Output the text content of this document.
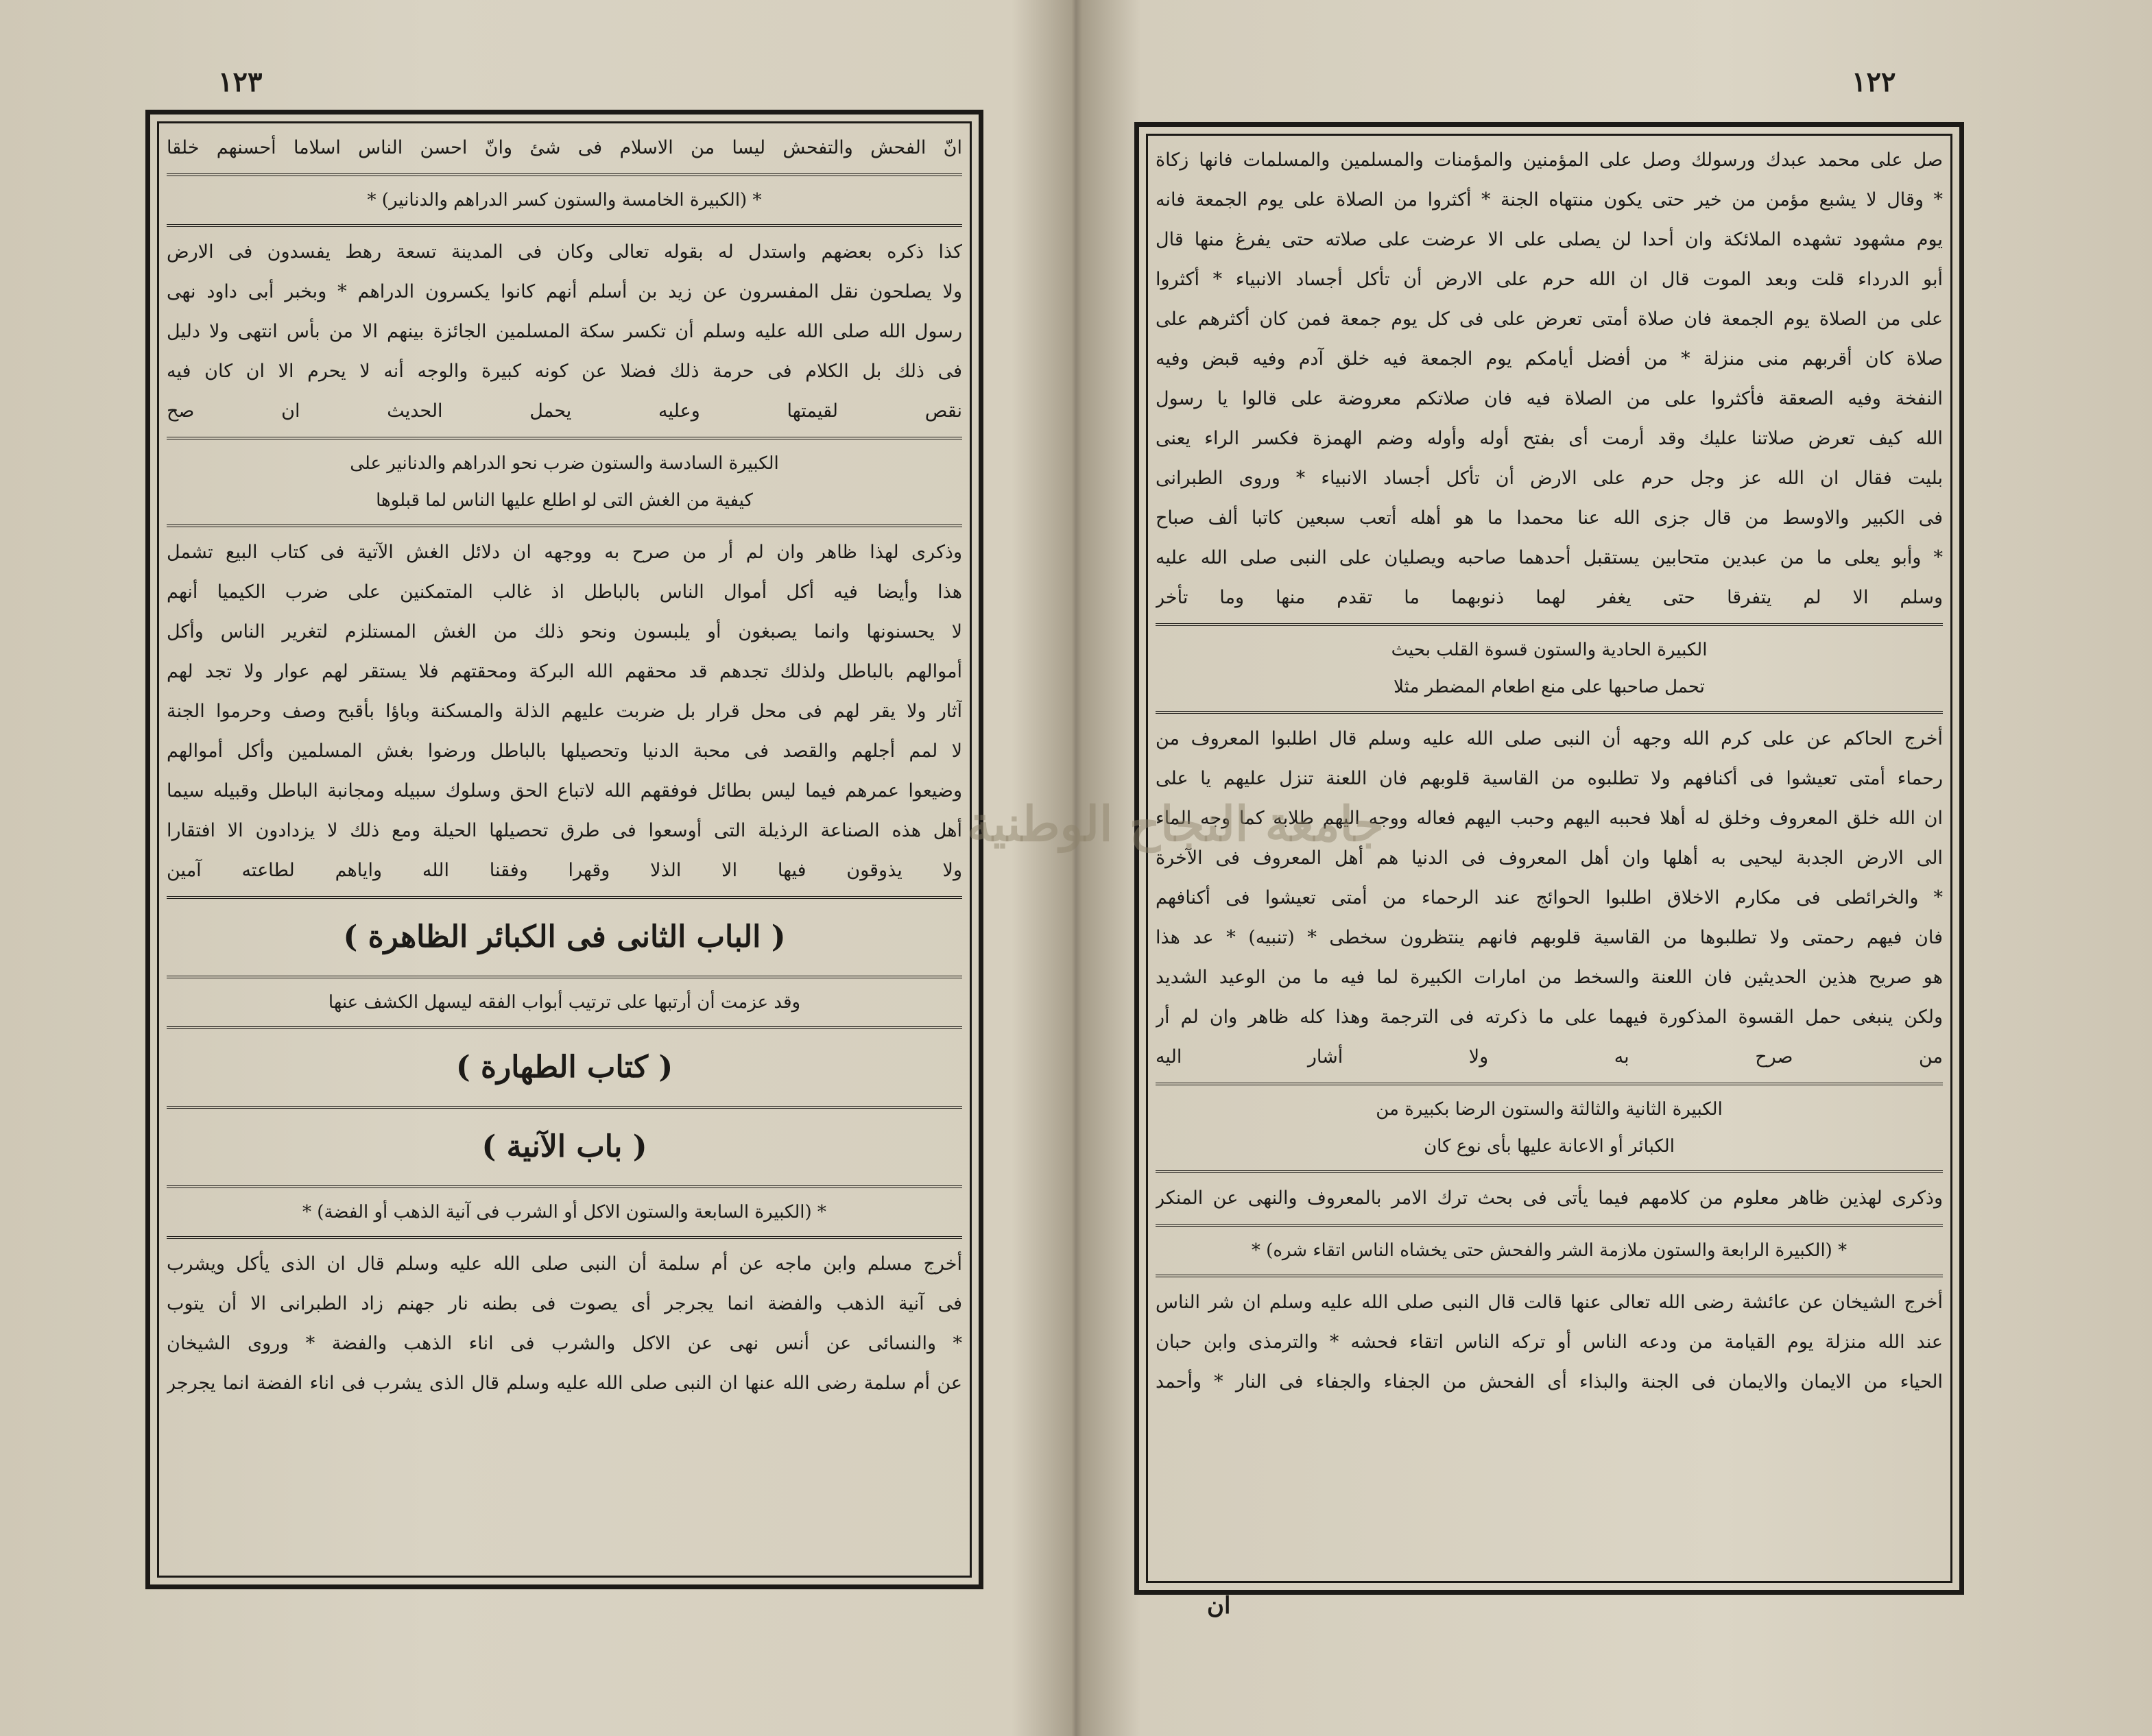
١٢٣	١٢٢
انّ الفحش والتفحش ليسا من الاسلام فى شئ وانّ احسن الناس اسلاما أحسنهم خلقا
* (الكبيرة الخامسة والستون كسر الدراهم والدنانير) *
كذا ذكره بعضهم واستدل له بقوله تعالى وكان فى المدينة تسعة رهط يفسدون فى الارض
ولا يصلحون نقل المفسرون عن زيد بن أسلم أنهم كانوا يكسرون الدراهم * وبخبر أبى داود نهى
رسول الله صلى الله عليه وسلم أن تكسر سكة المسلمين الجائزة بينهم الا من بأس انتهى ولا دليل
فى ذلك بل الكلام فى حرمة ذلك فضلا عن كونه كبيرة والوجه أنه لا يحرم الا ان كان فيه
نقص لقيمتها وعليه يحمل الحديث ان صح
الكبيرة السادسة والستون ضرب نحو الدراهم والدنانير على
كيفية من الغش التى لو اطلع عليها الناس لما قبلوها
وذكرى لهذا ظاهر وان لم أر من صرح به ووجهه ان دلائل الغش الآتية فى كتاب البيع تشمل
هذا وأيضا فيه أكل أموال الناس بالباطل اذ غالب المتمكنين على ضرب الكيميا أنهم
لا يحسنونها وانما يصبغون أو يلبسون ونحو ذلك من الغش المستلزم لتغرير الناس وأكل
أموالهم بالباطل ولذلك تجدهم قد محقهم الله البركة ومحقتهم فلا يستقر لهم عوار ولا تجد لهم
آثار ولا يقر لهم فى محل قرار بل ضربت عليهم الذلة والمسكنة وباؤا بأقبح وصف وحرموا الجنة
لا لمم أجلهم والقصد فى محبة الدنيا وتحصيلها بالباطل ورضوا بغش المسلمين وأكل أموالهم
وضيعوا عمرهم فيما ليس بطائل فوفقهم الله لاتباع الحق وسلوك سبيله ومجانبة الباطل وقبيله سيما
أهل هذه الصناعة الرذيلة التى أوسعوا فى طرق تحصيلها الحيلة ومع ذلك لا يزدادون الا افتقارا
ولا يذوقون فيها الا الذلا وقهرا وفقنا الله واياهم لطاعته آمين
( الباب الثانى فى الكبائر الظاهرة )
وقد عزمت أن أرتبها على ترتيب أبواب الفقه ليسهل الكشف عنها
( كتاب الطهارة )
( باب الآنية )
* (الكبيرة السابعة والستون الاكل أو الشرب فى آنية الذهب أو الفضة) *
أخرج مسلم وابن ماجه عن أم سلمة أن النبى صلى الله عليه وسلم قال ان الذى يأكل ويشرب
فى آنية الذهب والفضة انما يجرجر أى يصوت فى بطنه نار جهنم زاد الطبرانى الا أن يتوب
* والنسائى عن أنس نهى عن الاكل والشرب فى اناء الذهب والفضة * وروى الشيخان
عن أم سلمة رضى الله عنها ان النبى صلى الله عليه وسلم قال الذى يشرب فى اناء الفضة انما يجرجر
صل على محمد عبدك ورسولك وصل على المؤمنين والمؤمنات والمسلمين والمسلمات فانها زكاة
* وقال لا يشبع مؤمن من خير حتى يكون منتهاه الجنة * أكثروا من الصلاة على يوم الجمعة فانه
يوم مشهود تشهده الملائكة وان أحدا لن يصلى على الا عرضت على صلاته حتى يفرغ منها قال
أبو الدرداء قلت وبعد الموت قال ان الله حرم على الارض أن تأكل أجساد الانبياء * أكثروا
على من الصلاة يوم الجمعة فان صلاة أمتى تعرض على فى كل يوم جمعة فمن كان أكثرهم على
صلاة كان أقربهم منى منزلة * من أفضل أيامكم يوم الجمعة فيه خلق آدم وفيه قبض وفيه
النفخة وفيه الصعقة فأكثروا على من الصلاة فيه فان صلاتكم معروضة على قالوا يا رسول
الله كيف تعرض صلاتنا عليك وقد أرمت أى بفتح أوله وأوله وضم الهمزة فكسر الراء يعنى
بليت فقال ان الله عز وجل حرم على الارض أن تأكل أجساد الانبياء * وروى الطبرانى
فى الكبير والاوسط من قال جزى الله عنا محمدا ما هو أهله أتعب سبعين كاتبا ألف صباح
* وأبو يعلى ما من عبدين متحابين يستقبل أحدهما صاحبه ويصليان على النبى صلى الله عليه
وسلم الا لم يتفرقا حتى يغفر لهما ذنوبهما ما تقدم منها وما تأخر
الكبيرة الحادية والستون قسوة القلب بحيث
تحمل صاحبها على منع اطعام المضطر مثلا
أخرج الحاكم عن على كرم الله وجهه أن النبى صلى الله عليه وسلم قال اطلبوا المعروف من
رحماء أمتى تعيشوا فى أكنافهم ولا تطلبوه من القاسية قلوبهم فان اللعنة تنزل عليهم يا على
ان الله خلق المعروف وخلق له أهلا فحببه اليهم وحبب اليهم فعاله ووجه اليهم طلابه كما وجه الماء
الى الارض الجدبة ليحيى به أهلها وان أهل المعروف فى الدنيا هم أهل المعروف فى الآخرة
* والخرائطى فى مكارم الاخلاق اطلبوا الحوائج عند الرحماء من أمتى تعيشوا فى أكنافهم
فان فيهم رحمتى ولا تطلبوها من القاسية قلوبهم فانهم ينتظرون سخطى * (تنبيه) * عد هذا
هو صريح هذين الحديثين فان اللعنة والسخط من امارات الكبيرة لما فيه ما من الوعيد الشديد
ولكن ينبغى حمل القسوة المذكورة فيهما على ما ذكرته فى الترجمة وهذا كله ظاهر وان لم أر
من صرح به ولا أشار اليه
الكبيرة الثانية والثالثة والستون الرضا بكبيرة من
الكبائر أو الاعانة عليها بأى نوع كان
وذكرى لهذين ظاهر معلوم من كلامهم فيما يأتى فى بحث ترك الامر بالمعروف والنهى عن المنكر
* (الكبيرة الرابعة والستون ملازمة الشر والفحش حتى يخشاه الناس اتقاء شره) *
أخرج الشيخان عن عائشة رضى الله تعالى عنها قالت قال النبى صلى الله عليه وسلم ان شر الناس
عند الله منزلة يوم القيامة من ودعه الناس أو تركه الناس اتقاء فحشه * والترمذى وابن حبان
الحياء من الايمان والايمان فى الجنة والبذاء أى الفحش من الجفاء والجفاء فى النار * وأحمد
ان
جامعة النجاح الوطنية
